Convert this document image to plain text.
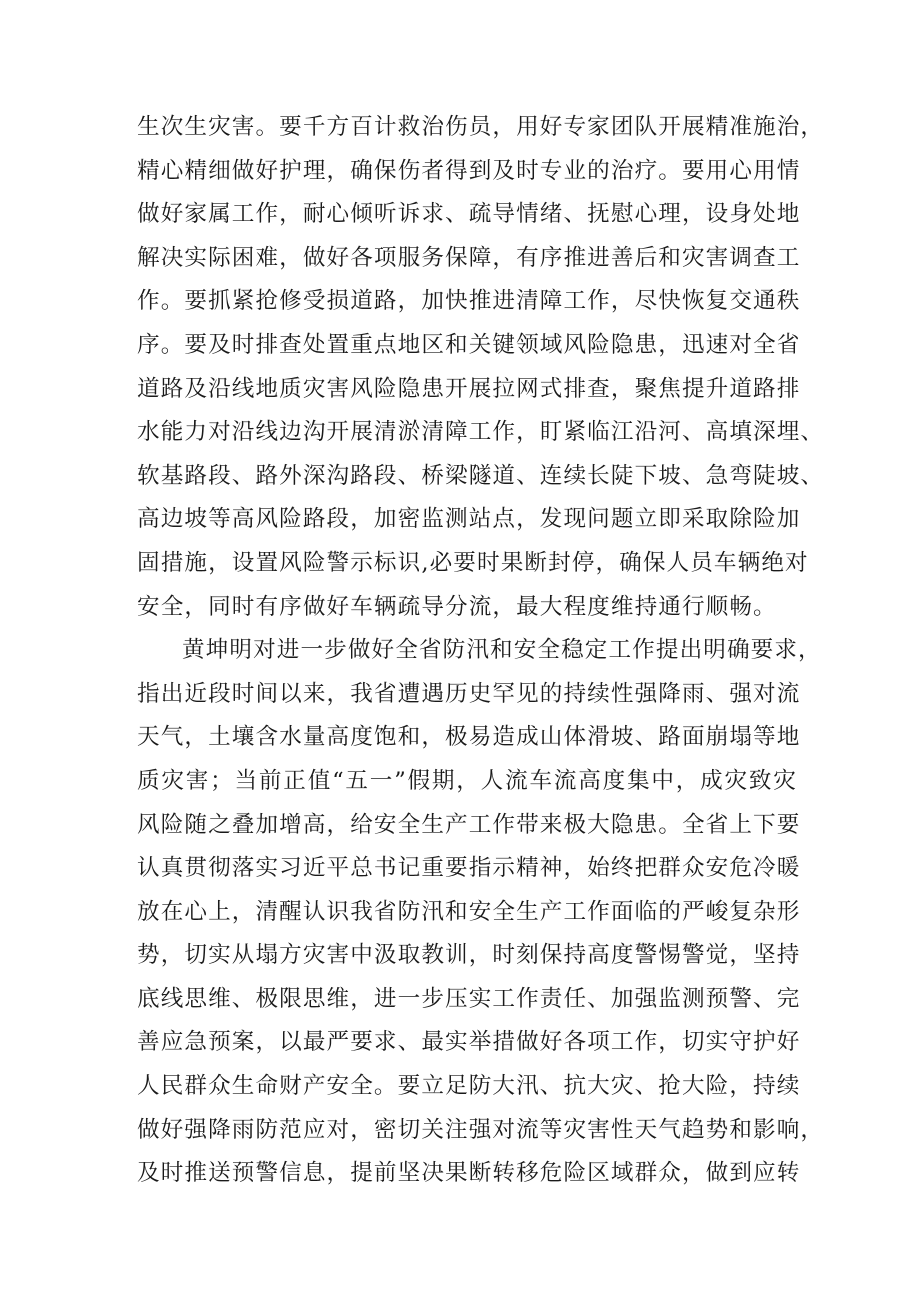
生次生灾害。要千方百计救治伤员，用好专家团队开展精准施治，
精心精细做好护理，确保伤者得到及时专业的治疗。要用心用情
做好家属工作，耐心倾听诉求、疏导情绪、抚慰心理，设身处地
解决实际困难，做好各项服务保障，有序推进善后和灾害调查工
作。要抓紧抢修受损道路，加快推进清障工作，尽快恢复交通秩
序。要及时排查处置重点地区和关键领域风险隐患，迅速对全省
道路及沿线地质灾害风险隐患开展拉网式排查，聚焦提升道路排
水能力对沿线边沟开展清淤清障工作，盯紧临江沿河、高填深埋、
软基路段、路外深沟路段、桥梁隧道、连续长陡下坡、急弯陡坡、
高边坡等高风险路段，加密监测站点，发现问题立即采取除险加
固措施，设置风险警示标识,必要时果断封停，确保人员车辆绝对
安全，同时有序做好车辆疏导分流，最大程度维持通行顺畅。
黄坤明对进一步做好全省防汛和安全稳定工作提出明确要求，
指出近段时间以来，我省遭遇历史罕见的持续性强降雨、强对流
天气，土壤含水量高度饱和，极易造成山体滑坡、路面崩塌等地
质灾害；当前正值“五一”假期，人流车流高度集中，成灾致灾
风险随之叠加增高，给安全生产工作带来极大隐患。全省上下要
认真贯彻落实习近平总书记重要指示精神，始终把群众安危冷暖
放在心上，清醒认识我省防汛和安全生产工作面临的严峻复杂形
势，切实从塌方灾害中汲取教训，时刻保持高度警惕警觉，坚持
底线思维、极限思维，进一步压实工作责任、加强监测预警、完
善应急预案，以最严要求、最实举措做好各项工作，切实守护好
人民群众生命财产安全。要立足防大汛、抗大灾、抢大险，持续
做好强降雨防范应对，密切关注强对流等灾害性天气趋势和影响，
及时推送预警信息，提前坚决果断转移危险区域群众，做到应转
